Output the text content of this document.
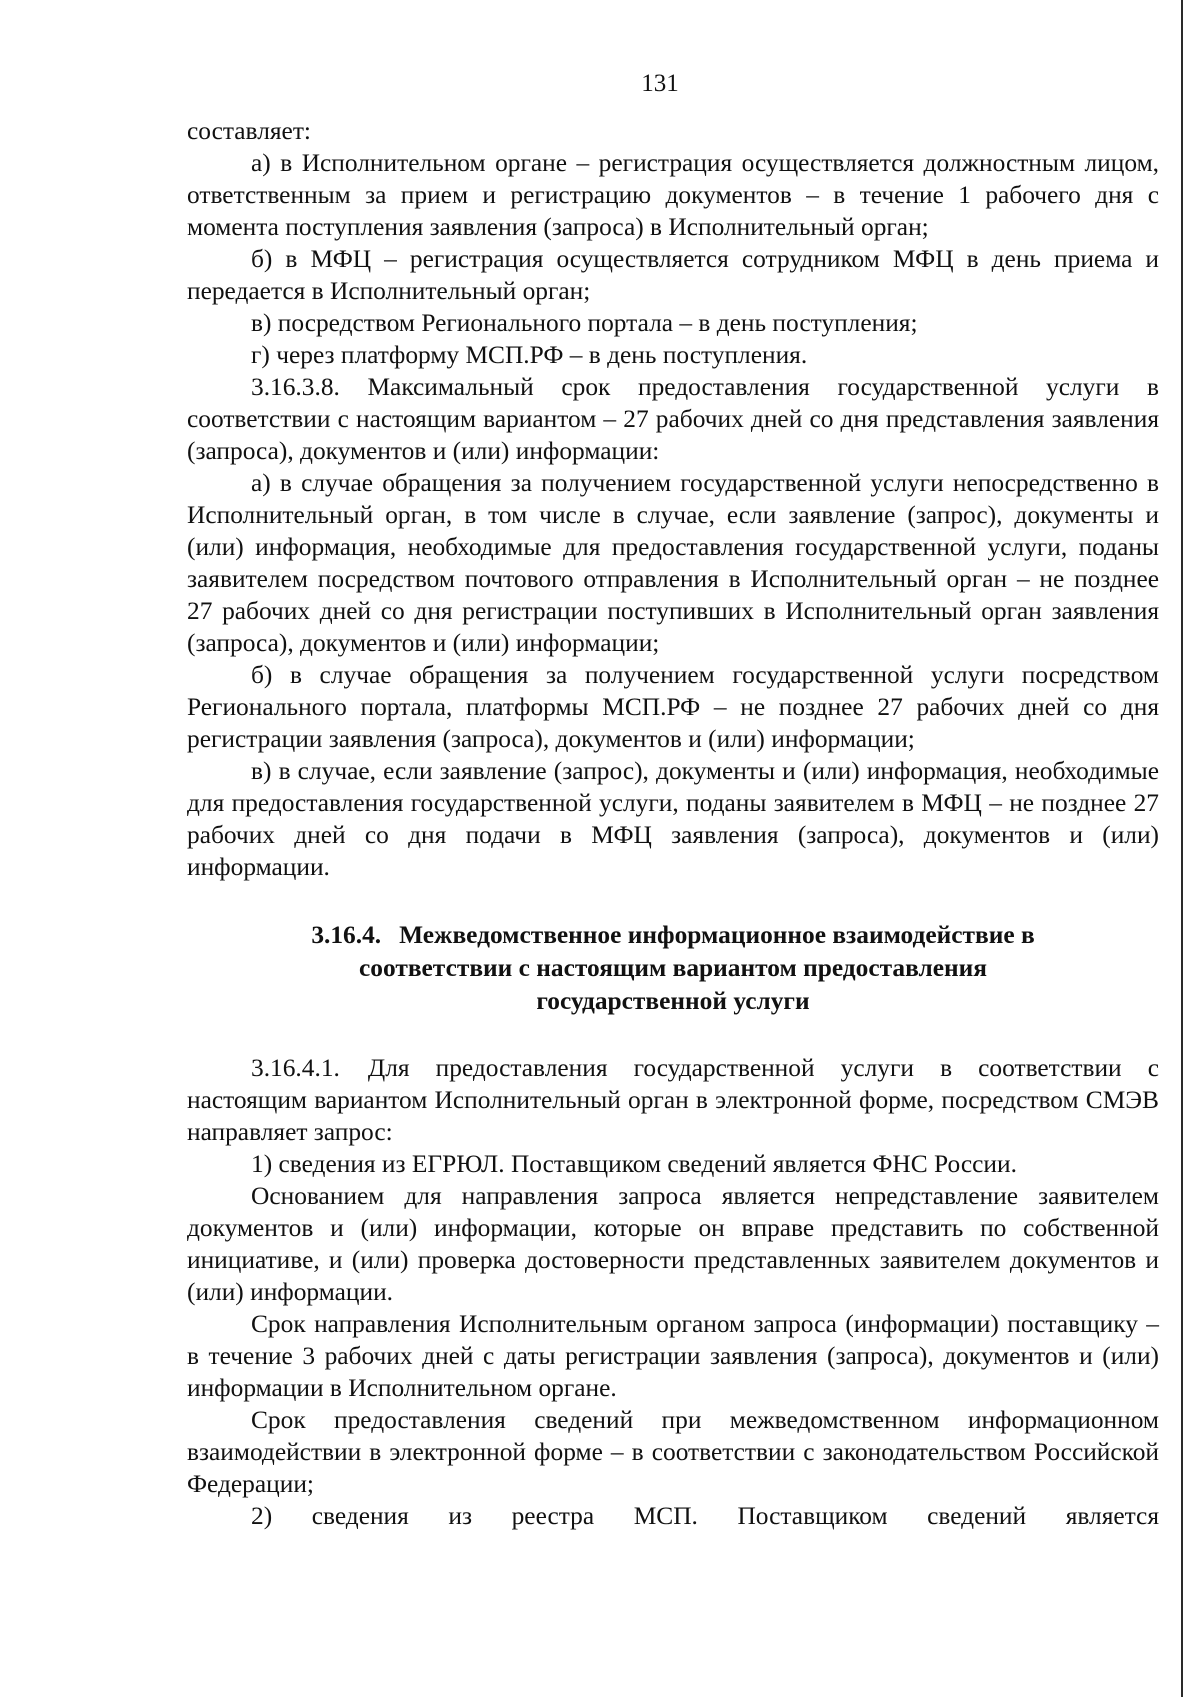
131

составляет:

а) в Исполнительном органе – регистрация осуществляется должностным лицом, ответственным за прием и регистрацию документов – в течение 1 рабочего дня с момента поступления заявления (запроса) в Исполнительный орган;

б) в МФЦ – регистрация осуществляется сотрудником МФЦ в день приема и передается в Исполнительный орган;

в) посредством Регионального портала – в день поступления;

г) через платформу МСП.РФ – в день поступления.

3.16.3.8. Максимальный срок предоставления государственной услуги в соответствии с настоящим вариантом – 27 рабочих дней со дня представления заявления (запроса), документов и (или) информации:

а) в случае обращения за получением государственной услуги непосредственно в Исполнительный орган, в том числе в случае, если заявление (запрос), документы и (или) информация, необходимые для предоставления государственной услуги, поданы заявителем посредством почтового отправления в Исполнительный орган – не позднее 27 рабочих дней со дня регистрации поступивших в Исполнительный орган заявления (запроса), документов и (или) информации;

б) в случае обращения за получением государственной услуги посредством Регионального портала, платформы МСП.РФ – не позднее 27 рабочих дней со дня регистрации заявления (запроса), документов и (или) информации;

в) в случае, если заявление (запрос), документы и (или) информация, необходимые для предоставления государственной услуги, поданы заявителем в МФЦ – не позднее 27 рабочих дней со дня подачи в МФЦ заявления (запроса), документов и (или) информации.

3.16.4. Межведомственное информационное взаимодействие в
соответствии с настоящим вариантом предоставления
государственной услуги

3.16.4.1. Для предоставления государственной услуги в соответствии с настоящим вариантом Исполнительный орган в электронной форме, посредством СМЭВ направляет запрос:

1) сведения из ЕГРЮЛ. Поставщиком сведений является ФНС России.

Основанием для направления запроса является непредставление заявителем документов и (или) информации, которые он вправе представить по собственной инициативе, и (или) проверка достоверности представленных заявителем документов и (или) информации.

Срок направления Исполнительным органом запроса (информации) поставщику – в течение 3 рабочих дней с даты регистрации заявления (запроса), документов и (или) информации в Исполнительном органе.

Срок предоставления сведений при межведомственном информационном взаимодействии в электронной форме – в соответствии с законодательством Российской Федерации;

2) сведения из реестра МСП. Поставщиком сведений является
